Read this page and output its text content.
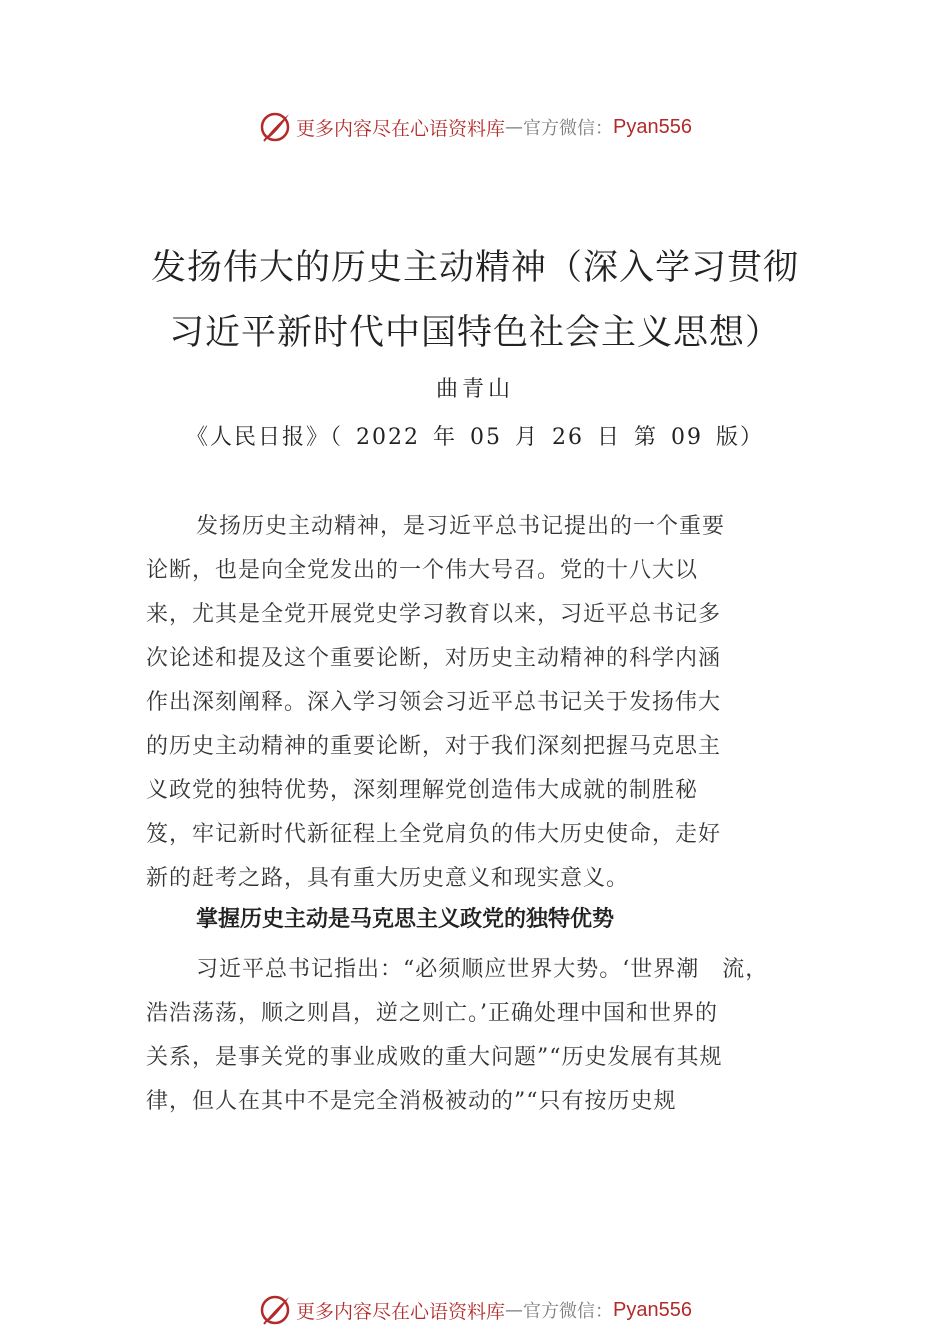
更多内容尽在心语资料库 — 官方微信： Pyan556
发扬伟大的历史主动精神（深入学习贯彻
习近平新时代中国特色社会主义思想）
曲青山
《人民日报》（ 2022 年 05 月 26 日 第 09 版）
发扬历史主动精神，是习近平总书记提出的一个重要
论断，也是向全党发出的一个伟大号召。党的十八大以
来，尤其是全党开展党史学习教育以来，习近平总书记多
次论述和提及这个重要论断，对历史主动精神的科学内涵
作出深刻阐释。深入学习领会习近平总书记关于发扬伟大
的历史主动精神的重要论断，对于我们深刻把握马克思主
义政党的独特优势，深刻理解党创造伟大成就的制胜秘
笈，牢记新时代新征程上全党肩负的伟大历史使命，走好
新的赶考之路，具有重大历史意义和现实意义。
掌握历史主动是马克思主义政党的独特优势
习近平总书记指出：“必须顺应世界大势。‘世界潮　流，
浩浩荡荡，顺之则昌，逆之则亡。’正确处理中国和世界的
关系，是事关党的事业成败的重大问题”“历史发展有其规
律，但人在其中不是完全消极被动的”“只有按历史规
更多内容尽在心语资料库 — 官方微信： Pyan556
